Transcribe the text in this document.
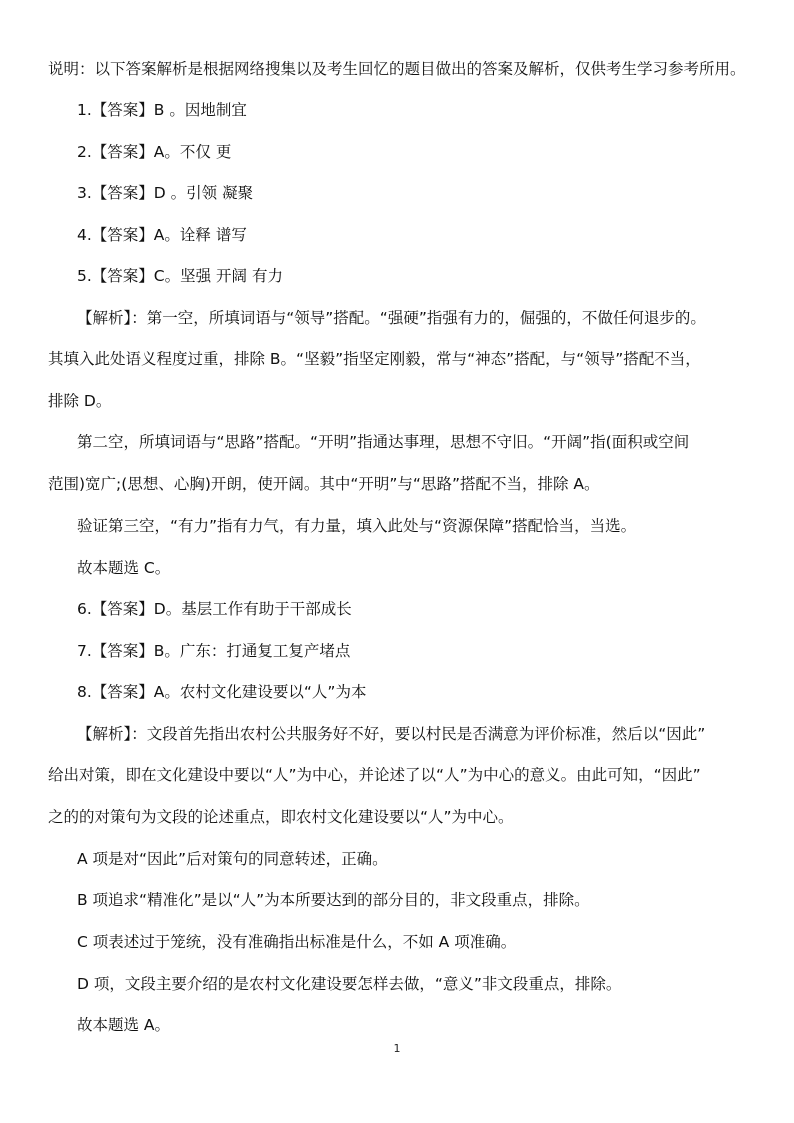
说明：以下答案解析是根据网络搜集以及考生回忆的题目做出的答案及解析，仅供考生学习参考所用。
1.【答案】B 。因地制宜
2.【答案】A。不仅 更
3.【答案】D 。引领 凝聚
4.【答案】A。诠释 谱写
5.【答案】C。坚强 开阔 有力
【解析】：第一空，所填词语与“领导”搭配。“强硬”指强有力的，倔强的，不做任何退步的。
其填入此处语义程度过重，排除 B。“坚毅”指坚定刚毅，常与“神态”搭配，与“领导”搭配不当，
排除 D。
第二空，所填词语与“思路”搭配。“开明”指通达事理，思想不守旧。“开阔”指(面积或空间
范围)宽广;(思想、心胸)开朗，使开阔。其中“开明”与“思路”搭配不当，排除 A。
验证第三空，“有力”指有力气，有力量，填入此处与“资源保障”搭配恰当，当选。
故本题选 C。
6.【答案】D。基层工作有助于干部成长
7.【答案】B。广东：打通复工复产堵点
8.【答案】A。农村文化建设要以“人”为本
【解析】：文段首先指出农村公共服务好不好，要以村民是否满意为评价标准，然后以“因此”
给出对策，即在文化建设中要以“人”为中心，并论述了以“人”为中心的意义。由此可知，“因此”
之的的对策句为文段的论述重点，即农村文化建设要以“人”为中心。
A 项是对“因此”后对策句的同意转述，正确。
B 项追求“精准化”是以“人”为本所要达到的部分目的，非文段重点，排除。
C 项表述过于笼统，没有准确指出标准是什么，不如 A 项准确。
D 项，文段主要介绍的是农村文化建设要怎样去做，“意义”非文段重点，排除。
故本题选 A。
1
